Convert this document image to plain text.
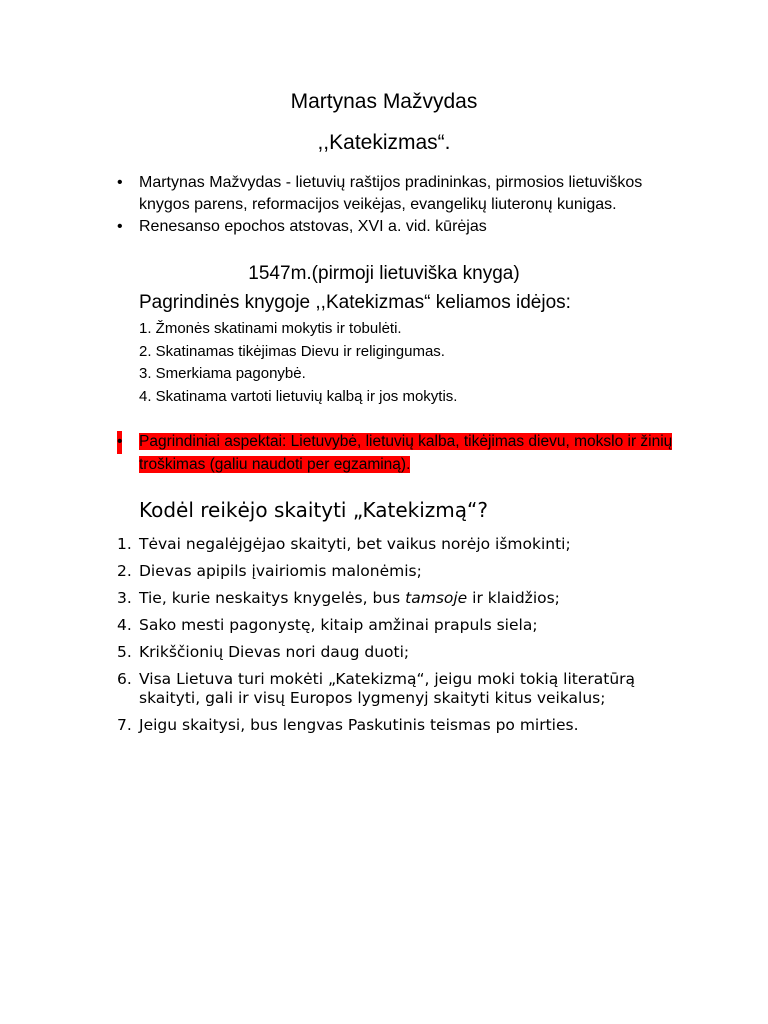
Martynas Mažvydas
,,Katekizmas“.
• Martynas Mažvydas - lietuvių raštijos pradininkas, pirmosios lietuviškos knygos parens, reformacijos veikėjas, evangelikų liuteronų kunigas.
• Renesanso epochos atstovas, XVI a. vid. kūrėjas
1547m.(pirmoji lietuviška knyga)
Pagrindinės knygoje ,,Katekizmas“ keliamos idėjos:
1. Žmonės skatinami mokytis ir tobulėti.
2. Skatinamas tikėjimas Dievu ir religingumas.
3. Smerkiama pagonybė.
4. Skatinama vartoti lietuvių kalbą ir jos mokytis.
• Pagrindiniai aspektai: Lietuvybė, lietuvių kalba, tikėjimas dievu, mokslo ir žinių troškimas (galiu naudoti per egzaminą).
Kodėl reikėjo skaityti „Katekizmą“?
1. Tėvai negalėjgėjao skaityti, bet vaikus norėjo išmokinti;
2. Dievas apipils įvairiomis malonėmis;
3. Tie, kurie neskaitys knygelės, bus tamsoje ir klaidžios;
4. Sako mesti pagonystę, kitaip amžinai prapuls siela;
5. Krikščionių Dievas nori daug duoti;
6. Visa Lietuva turi mokėti „Katekizmą“, jeigu moki tokią literatūrą skaityti, gali ir visų Europos lygmenyj skaityti kitus veikalus;
7. Jeigu skaitysi, bus lengvas Paskutinis teismas po mirties.
